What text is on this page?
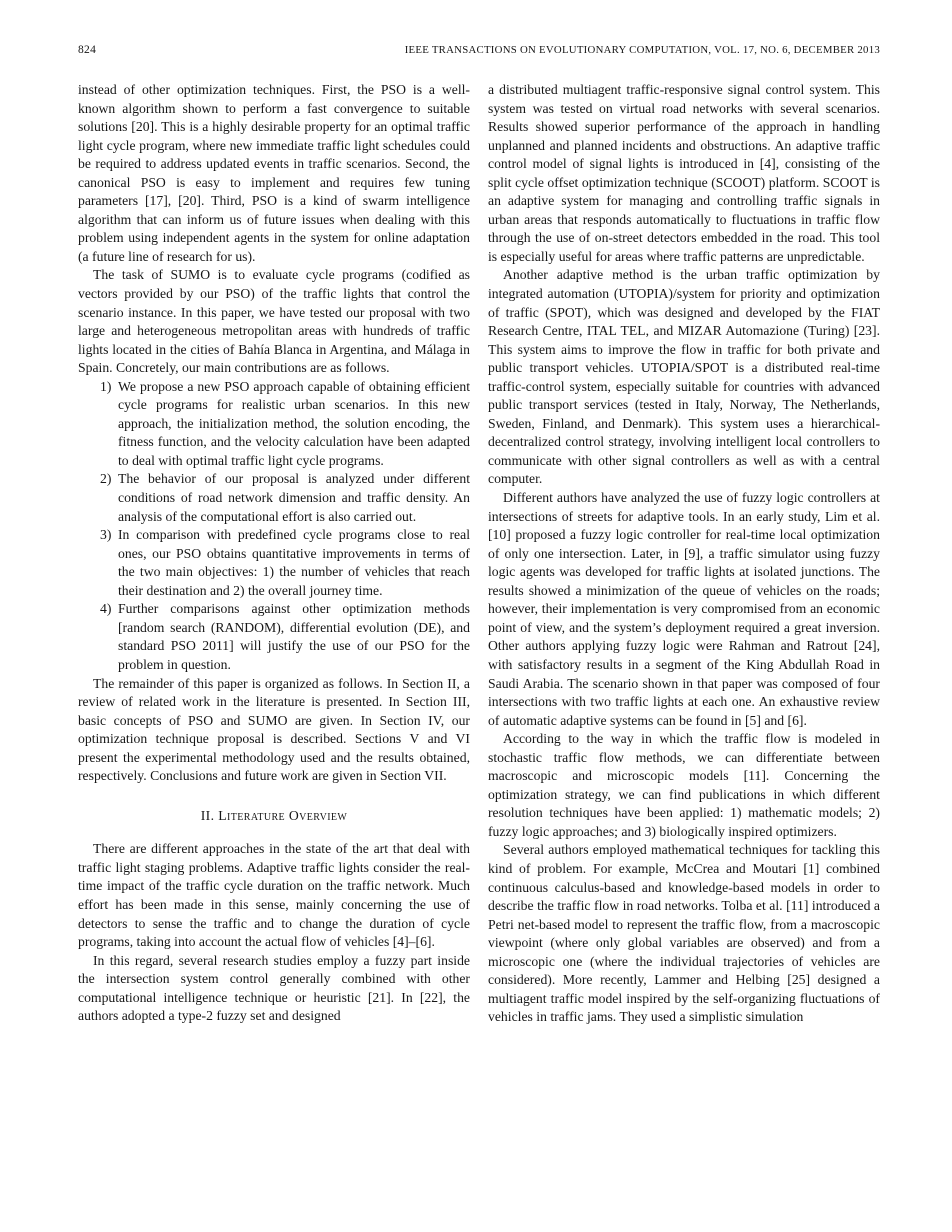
824	IEEE TRANSACTIONS ON EVOLUTIONARY COMPUTATION, VOL. 17, NO. 6, DECEMBER 2013

instead of other optimization techniques. First, the PSO is a well-known algorithm shown to perform a fast convergence to suitable solutions [20]. This is a highly desirable property for an optimal traffic light cycle program, where new immediate traffic light schedules could be required to address updated events in traffic scenarios. Second, the canonical PSO is easy to implement and requires few tuning parameters [17], [20]. Third, PSO is a kind of swarm intelligence algorithm that can inform us of future issues when dealing with this problem using independent agents in the system for online adaptation (a future line of research for us).

The task of SUMO is to evaluate cycle programs (codified as vectors provided by our PSO) of the traffic lights that control the scenario instance. In this paper, we have tested our proposal with two large and heterogeneous metropolitan areas with hundreds of traffic lights located in the cities of Bahía Blanca in Argentina, and Málaga in Spain. Concretely, our main contributions are as follows.

1) We propose a new PSO approach capable of obtaining efficient cycle programs for realistic urban scenarios. In this new approach, the initialization method, the solution encoding, the fitness function, and the velocity calculation have been adapted to deal with optimal traffic light cycle programs.
2) The behavior of our proposal is analyzed under different conditions of road network dimension and traffic density. An analysis of the computational effort is also carried out.
3) In comparison with predefined cycle programs close to real ones, our PSO obtains quantitative improvements in terms of the two main objectives: 1) the number of vehicles that reach their destination and 2) the overall journey time.
4) Further comparisons against other optimization methods [random search (RANDOM), differential evolution (DE), and standard PSO 2011] will justify the use of our PSO for the problem in question.

The remainder of this paper is organized as follows. In Section II, a review of related work in the literature is presented. In Section III, basic concepts of PSO and SUMO are given. In Section IV, our optimization technique proposal is described. Sections V and VI present the experimental methodology used and the results obtained, respectively. Conclusions and future work are given in Section VII.

II. Literature Overview

There are different approaches in the state of the art that deal with traffic light staging problems. Adaptive traffic lights consider the real-time impact of the traffic cycle duration on the traffic network. Much effort has been made in this sense, mainly concerning the use of detectors to sense the traffic and to change the duration of cycle programs, taking into account the actual flow of vehicles [4]–[6].

In this regard, several research studies employ a fuzzy part inside the intersection system control generally combined with other computational intelligence technique or heuristic [21]. In [22], the authors adopted a type-2 fuzzy set and designed

a distributed multiagent traffic-responsive signal control system. This system was tested on virtual road networks with several scenarios. Results showed superior performance of the approach in handling unplanned and planned incidents and obstructions. An adaptive traffic control model of signal lights is introduced in [4], consisting of the split cycle offset optimization technique (SCOOT) platform. SCOOT is an adaptive system for managing and controlling traffic signals in urban areas that responds automatically to fluctuations in traffic flow through the use of on-street detectors embedded in the road. This tool is especially useful for areas where traffic patterns are unpredictable.

Another adaptive method is the urban traffic optimization by integrated automation (UTOPIA)/system for priority and optimization of traffic (SPOT), which was designed and developed by the FIAT Research Centre, ITAL TEL, and MIZAR Automazione (Turing) [23]. This system aims to improve the flow in traffic for both private and public transport vehicles. UTOPIA/SPOT is a distributed real-time traffic-control system, especially suitable for countries with advanced public transport services (tested in Italy, Norway, The Netherlands, Sweden, Finland, and Denmark). This system uses a hierarchical-decentralized control strategy, involving intelligent local controllers to communicate with other signal controllers as well as with a central computer.

Different authors have analyzed the use of fuzzy logic controllers at intersections of streets for adaptive tools. In an early study, Lim et al. [10] proposed a fuzzy logic controller for real-time local optimization of only one intersection. Later, in [9], a traffic simulator using fuzzy logic agents was developed for traffic lights at isolated junctions. The results showed a minimization of the queue of vehicles on the roads; however, their implementation is very compromised from an economic point of view, and the system’s deployment required a great inversion. Other authors applying fuzzy logic were Rahman and Ratrout [24], with satisfactory results in a segment of the King Abdullah Road in Saudi Arabia. The scenario shown in that paper was composed of four intersections with two traffic lights at each one. An exhaustive review of automatic adaptive systems can be found in [5] and [6].

According to the way in which the traffic flow is modeled in stochastic traffic flow methods, we can differentiate between macroscopic and microscopic models [11]. Concerning the optimization strategy, we can find publications in which different resolution techniques have been applied: 1) mathematic models; 2) fuzzy logic approaches; and 3) biologically inspired optimizers.

Several authors employed mathematical techniques for tackling this kind of problem. For example, McCrea and Moutari [1] combined continuous calculus-based and knowledge-based models in order to describe the traffic flow in road networks. Tolba et al. [11] introduced a Petri net-based model to represent the traffic flow, from a macroscopic viewpoint (where only global variables are observed) and from a microscopic one (where the individual trajectories of vehicles are considered). More recently, Lammer and Helbing [25] designed a multiagent traffic model inspired by the self-organizing fluctuations of vehicles in traffic jams. They used a simplistic simulation
